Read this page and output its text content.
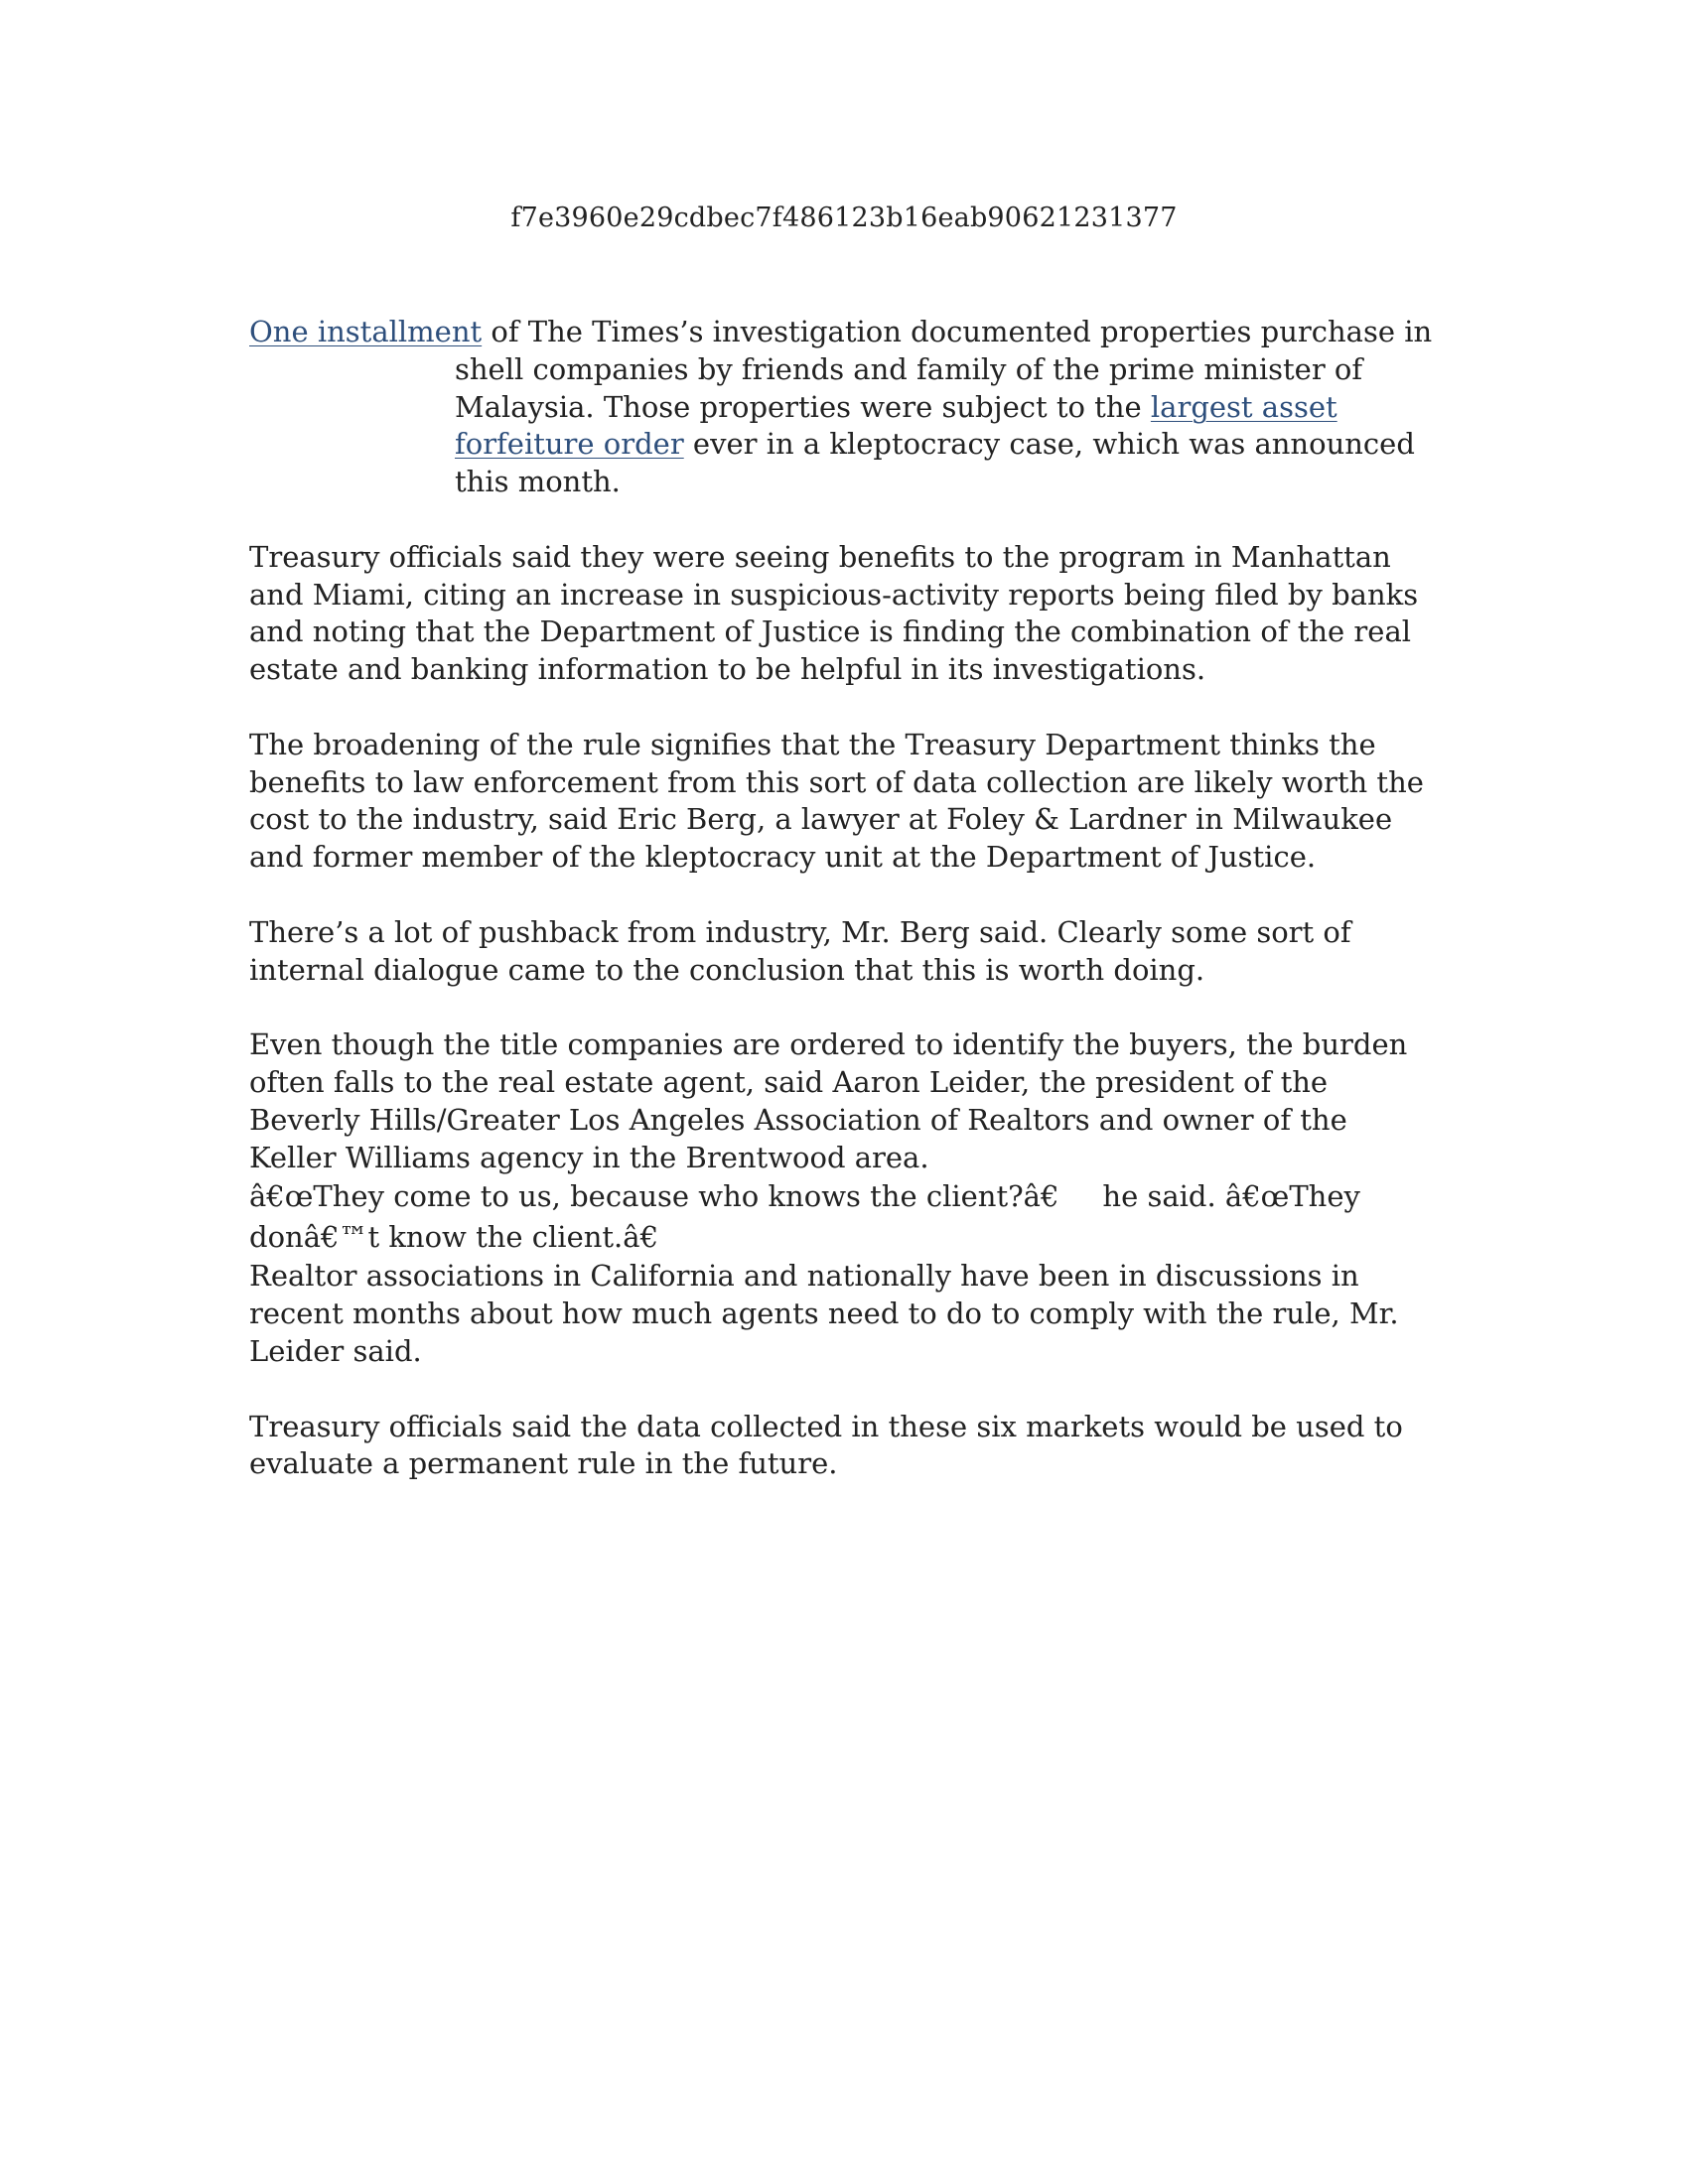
f7e3960e29cdbec7f486123b16eab90621231377

One installment of The Times’s investigation documented properties purchase in shell companies by friends and family of the prime minister of Malaysia. Those properties were subject to the largest asset forfeiture order ever in a kleptocracy case, which was announced this month.

Treasury officials said they were seeing benefits to the program in Manhattan and Miami, citing an increase in suspicious-activity reports being filed by banks and noting that the Department of Justice is finding the combination of the real estate and banking information to be helpful in its investigations.

The broadening of the rule signifies that the Treasury Department thinks the benefits to law enforcement from this sort of data collection are likely worth the cost to the industry, said Eric Berg, a lawyer at Foley & Lardner in Milwaukee and former member of the kleptocracy unit at the Department of Justice.

There’s a lot of pushback from industry, Mr. Berg said. Clearly some sort of internal dialogue came to the conclusion that this is worth doing.

Even though the title companies are ordered to identify the buyers, the burden often falls to the real estate agent, said Aaron Leider, the president of the Beverly Hills/Greater Los Angeles Association of Realtors and owner of the Keller Williams agency in the Brentwood area.

â€œThey come to us, because who knows the client?â€ he said. â€œThey donâ€™t know the client.â€

Realtor associations in California and nationally have been in discussions in recent months about how much agents need to do to comply with the rule, Mr. Leider said.

Treasury officials said the data collected in these six markets would be used to evaluate a permanent rule in the future.
